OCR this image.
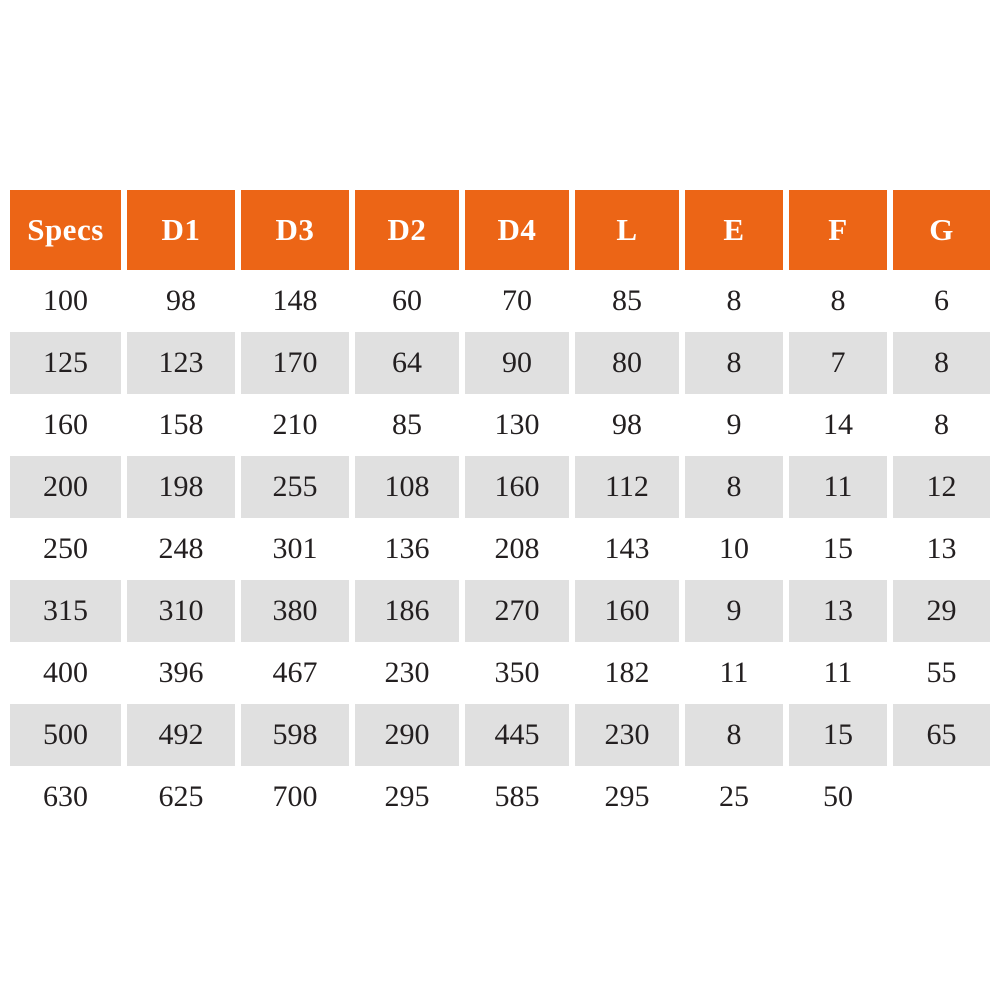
Specs	D1	D3	D2	D4	L	E	F	G
100	98	148	60	70	85	8	8	6
125	123	170	64	90	80	8	7	8
160	158	210	85	130	98	9	14	8
200	198	255	108	160	112	8	11	12
250	248	301	136	208	143	10	15	13
315	310	380	186	270	160	9	13	29
400	396	467	230	350	182	11	11	55
500	492	598	290	445	230	8	15	65
630	625	700	295	585	295	25	50	
